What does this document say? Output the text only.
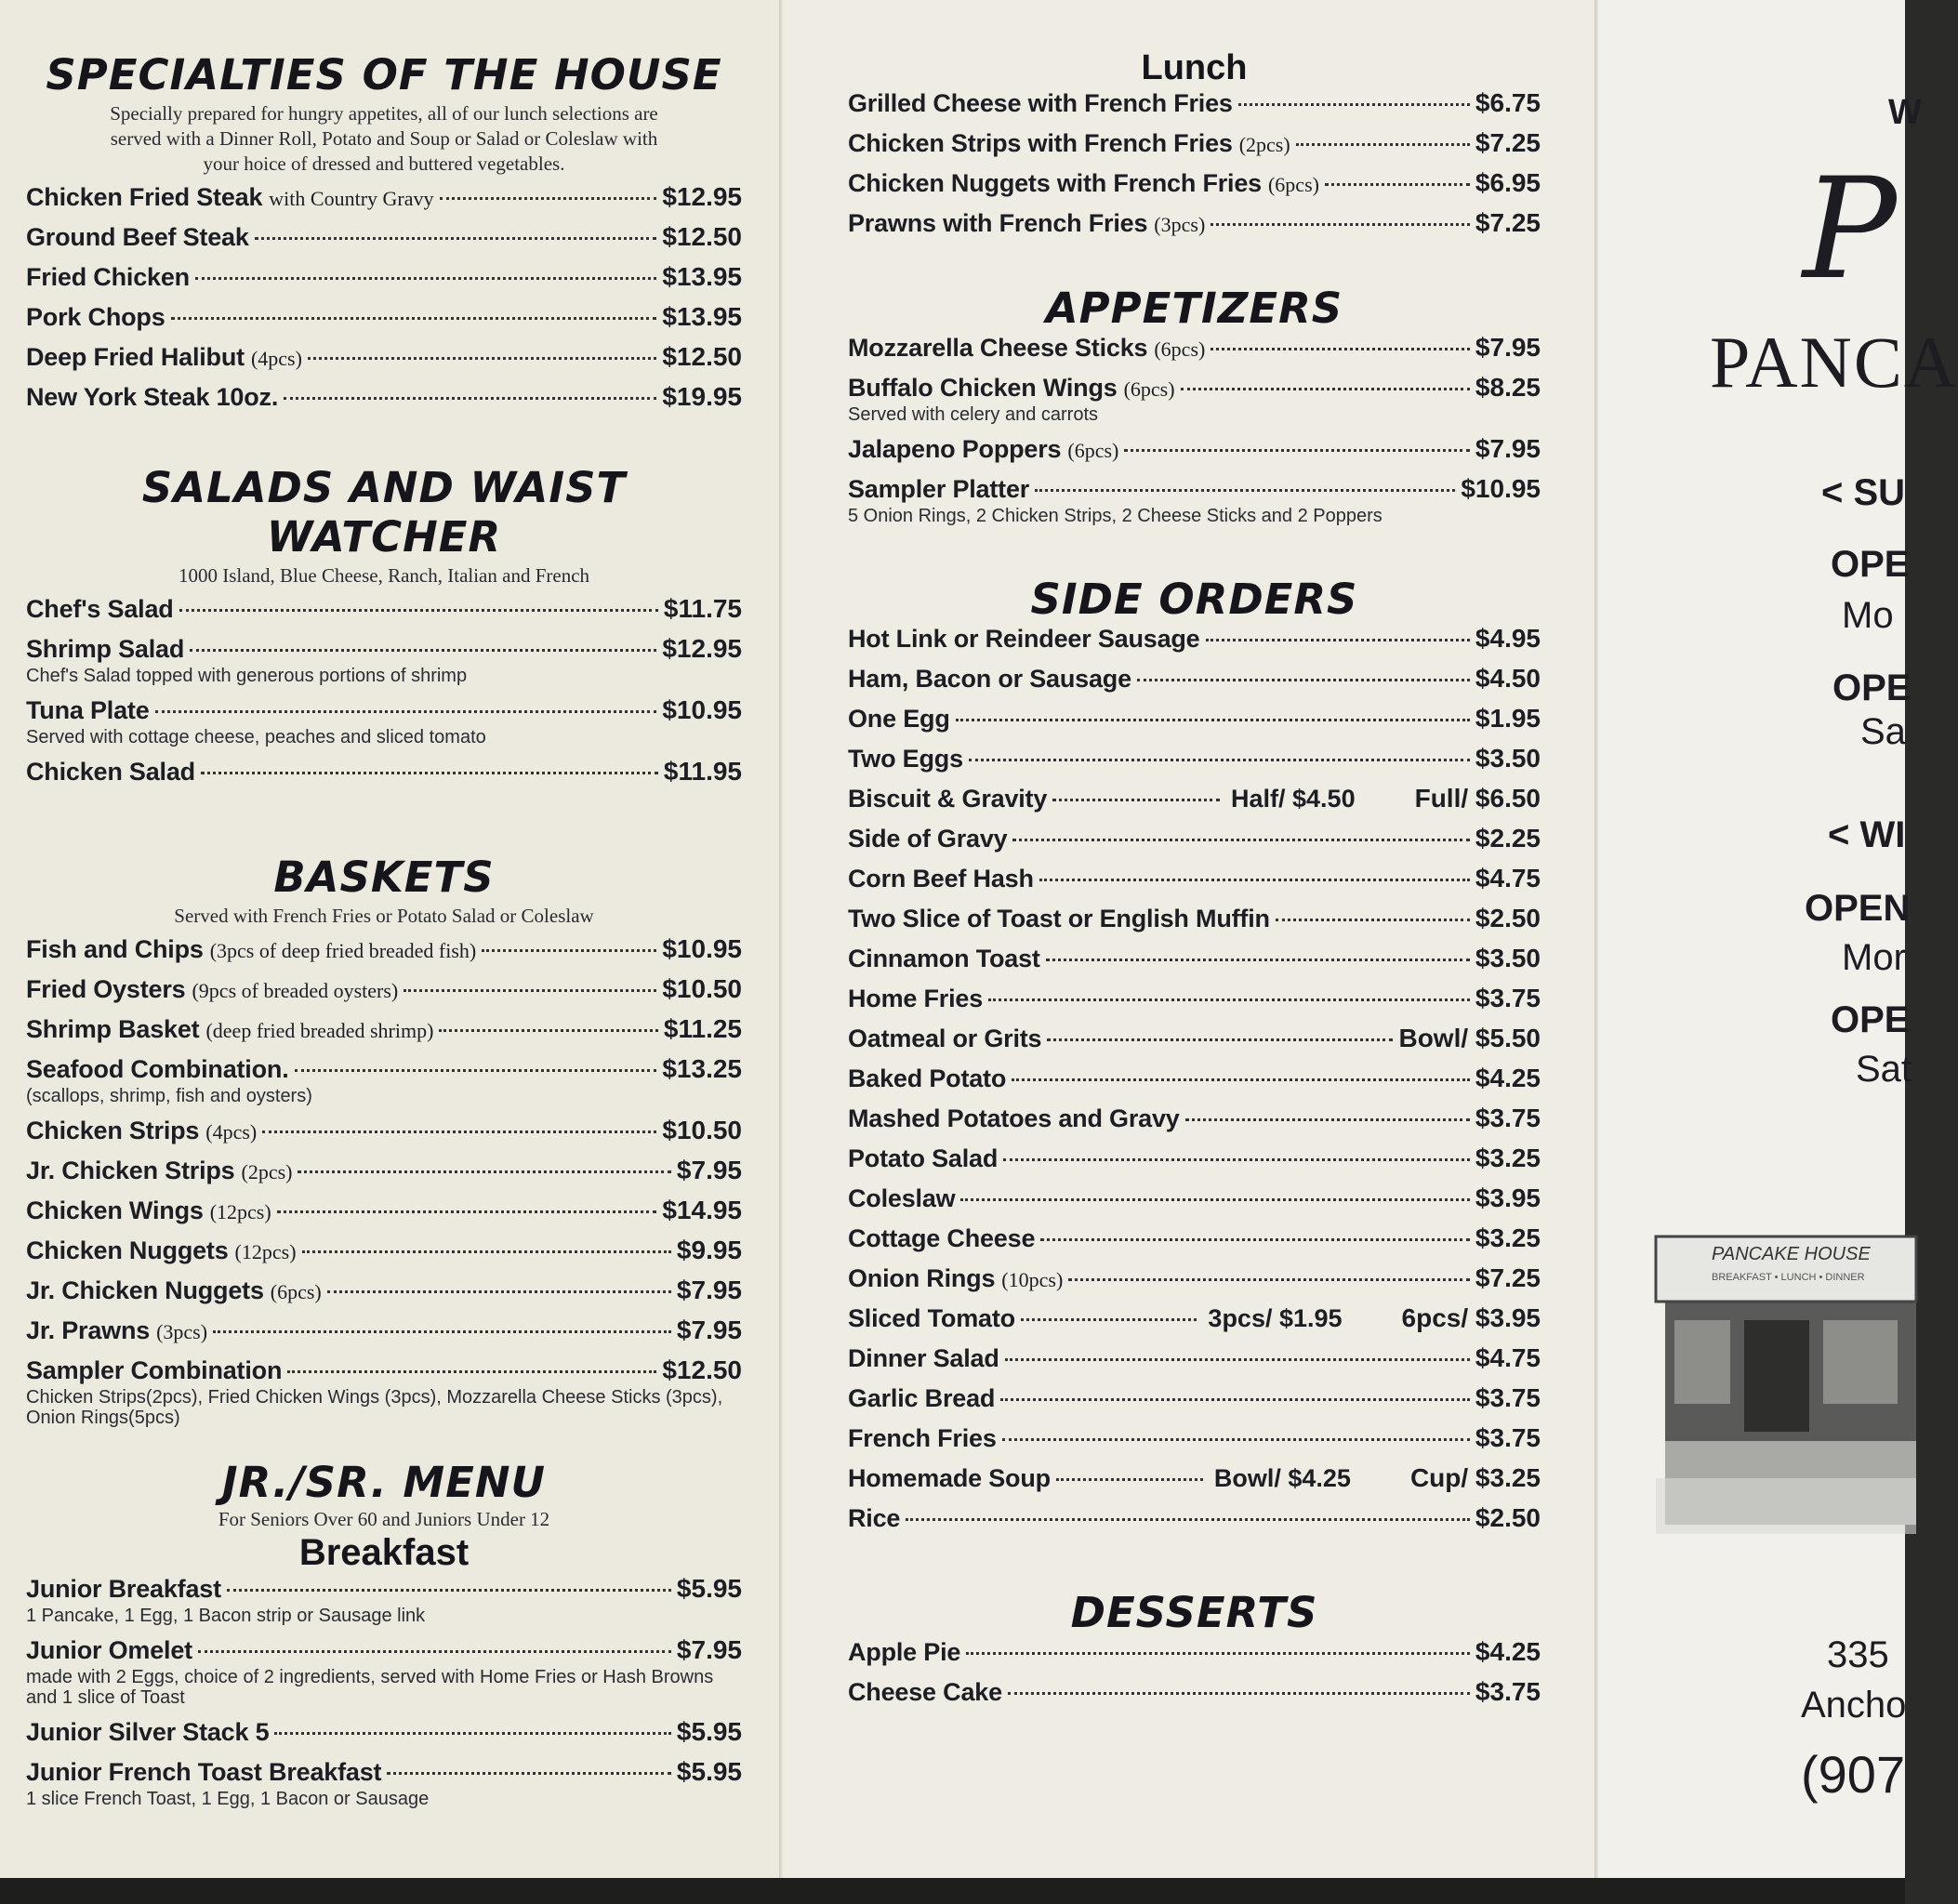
SPECIALTIES OF THE HOUSE

Specially prepared for hungry appetites, all of our lunch selections are served with a Dinner Roll, Potato and Soup or Salad or Coleslaw with your hoice of dressed and buttered vegetables.

Chicken Fried Steak with Country Gravy	$12.95
Ground Beef Steak	$12.50
Fried Chicken	$13.95
Pork Chops	$13.95
Deep Fried Halibut (4pcs)	$12.50
New York Steak 10oz.	$19.95
SALADS AND WAIST WATCHER

1000 Island, Blue Cheese, Ranch, Italian and French

Chef's Salad	$11.75
Shrimp Salad	$12.95
Chef's Salad topped with generous portions of shrimp
Tuna Plate	$10.95
Served with cottage cheese, peaches and sliced tomato
Chicken Salad	$11.95
BASKETS

Served with French Fries or Potato Salad or Coleslaw

Fish and Chips (3pcs of deep fried breaded fish)	$10.95
Fried Oysters (9pcs of breaded oysters)	$10.50
Shrimp Basket (deep fried breaded shrimp)	$11.25
Seafood Combination.	$13.25
(scallops, shrimp, fish and oysters)
Chicken Strips (4pcs)	$10.50
Jr. Chicken Strips (2pcs)	$7.95
Chicken Wings (12pcs)	$14.95
Chicken Nuggets (12pcs)	$9.95
Jr. Chicken Nuggets (6pcs)	$7.95
Jr. Prawns (3pcs)	$7.95
Sampler Combination	$12.50
Chicken Strips(2pcs), Fried Chicken Wings (3pcs), Mozzarella Cheese Sticks (3pcs), Onion Rings(5pcs)
JR./SR. MENU

For Seniors Over 60 and Juniors Under 12

Breakfast
Junior Breakfast	$5.95
1 Pancake, 1 Egg, 1 Bacon strip or Sausage link
Junior Omelet	$7.95
made with 2 Eggs, choice of 2 ingredients, served with Home Fries or Hash Browns and 1 slice of Toast
Junior Silver Stack 5	$5.95
Junior French Toast Breakfast	$5.95
1 slice French Toast, 1 Egg, 1 Bacon or Sausage
Lunch
Grilled Cheese with French Fries	$6.75
Chicken Strips with French Fries (2pcs)	$7.25
Chicken Nuggets with French Fries (6pcs)	$6.95
Prawns with French Fries (3pcs)	$7.25
APPETIZERS
Mozzarella Cheese Sticks (6pcs)	$7.95
Buffalo Chicken Wings (6pcs)	$8.25
Served with celery and carrots
Jalapeno Poppers (6pcs)	$7.95
Sampler Platter	$10.95
5 Onion Rings, 2 Chicken Strips, 2 Cheese Sticks and 2 Poppers
SIDE ORDERS
Hot Link or Reindeer Sausage	$4.95
Ham, Bacon or Sausage	$4.50
One Egg	$1.95
Two Eggs	$3.50
Biscuit & Gravity	Half/ $4.50 Full/ $6.50
Side of Gravy	$2.25
Corn Beef Hash	$4.75
Two Slice of Toast or English Muffin	$2.50
Cinnamon Toast	$3.50
Home Fries	$3.75
Oatmeal or Grits	Bowl/ $5.50
Baked Potato	$4.25
Mashed Potatoes and Gravy	$3.75
Potato Salad	$3.25
Coleslaw	$3.95
Cottage Cheese	$3.25
Onion Rings (10pcs)	$7.25
Sliced Tomato	3pcs/ $1.95 6pcs/ $3.95
Dinner Salad	$4.75
Garlic Bread	$3.75
French Fries	$3.75
Homemade Soup	Bowl/ $4.25 Cup/ $3.25
Rice	$2.50
DESSERTS
Apple Pie	$4.25
Cheese Cake	$3.75
W
P
PANCA
< SU
OPE
Mo
OPE
Sa
< WI
OPEN
Mor
OPE
Sat
PANCAKE HOUSE
BREAKFAST • LUNCH • DINNER
335
Ancho
(907
